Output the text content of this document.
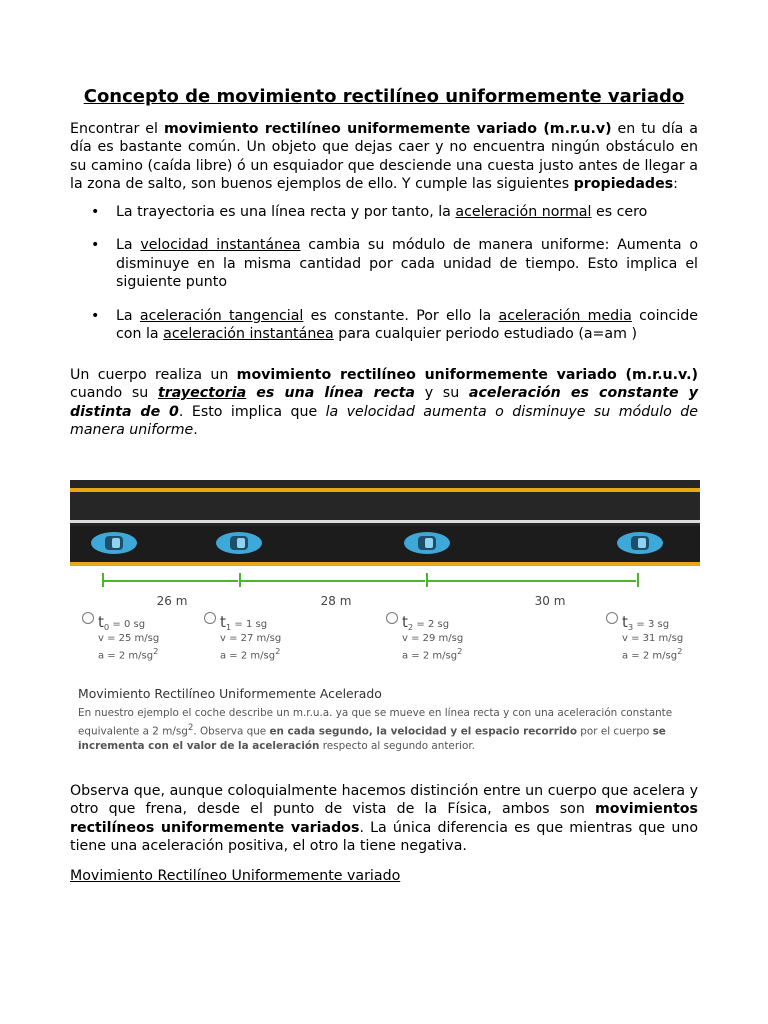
Concepto de movimiento rectilíneo uniformemente variado

Encontrar el movimiento rectilíneo uniformemente variado (m.r.u.v) en tu día a día es bastante común. Un objeto que dejas caer y no encuentra ningún obstáculo en su camino (caída libre) ó un esquiador que desciende una cuesta justo antes de llegar a la zona de salto, son buenos ejemplos de ello. Y cumple las siguientes propiedades:

• La trayectoria es una línea recta y por tanto, la aceleración normal es cero
• La velocidad instantánea cambia su módulo de manera uniforme: Aumenta o disminuye en la misma cantidad por cada unidad de tiempo. Esto implica el siguiente punto
• La aceleración tangencial es constante. Por ello la aceleración media coincide con la aceleración instantánea para cualquier periodo estudiado (a=am )

Un cuerpo realiza un movimiento rectilíneo uniformemente variado (m.r.u.v.) cuando su trayectoria es una línea recta y su aceleración es constante y distinta de 0. Esto implica que la velocidad aumenta o disminuye su módulo de manera uniforme.

Observa que, aunque coloquialmente hacemos distinción entre un cuerpo que acelera y otro que frena, desde el punto de vista de la Física, ambos son movimientos rectilíneos uniformemente variados. La única diferencia es que mientras que uno tiene una aceleración positiva, el otro la tiene negativa.

Movimiento Rectilíneo Uniformemente variado
26 m	28 m	30 m
$t_0 = 0$ sg
v = 25 m/sg
a = 2 $m/sg^2$
$t_1 = 1$ sg
v = 27 m/sg
a = 2 $m/sg^2$
$t_2 = 2$ sg
v = 29 m/sg
a = 2 $m/sg^2$
$t_3 = 3$ sg
v = 31 m/sg
a = 2 $m/sg^2$
Movimiento Rectilíneo Uniformemente Acelerado
En nuestro ejemplo el coche describe un m.r.u.a. ya que se mueve en línea recta y con una aceleración constante equivalente a 2 $m/sg^2$. Observa que en cada segundo, la velocidad y el espacio recorrido por el cuerpo se incrementa con el valor de la aceleración respecto al segundo anterior.
